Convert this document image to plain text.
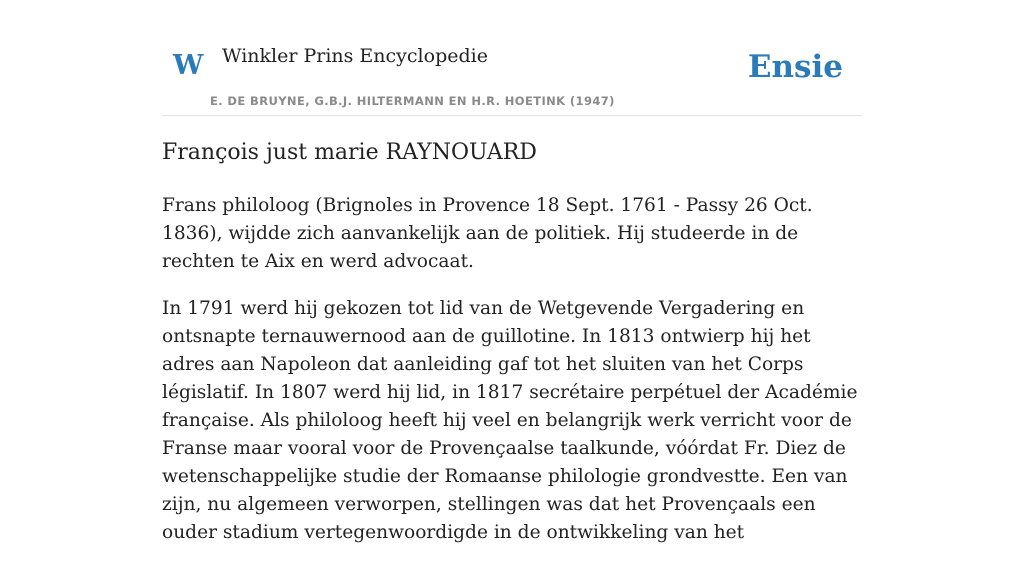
W Winkler Prins Encyclopedie
E. DE BRUYNE, G.B.J. HILTERMANN EN H.R. HOETINK (1947)
Ensie
François just marie RAYNOUARD

Frans philoloog (Brignoles in Provence 18 Sept. 1761 - Passy 26 Oct. 1836), wijdde zich aanvankelijk aan de politiek. Hij studeerde in de rechten te Aix en werd advocaat.

In 1791 werd hij gekozen tot lid van de Wetgevende Vergadering en ontsnapte ternauwernood aan de guillotine. In 1813 ontwierp hij het adres aan Napoleon dat aanleiding gaf tot het sluiten van het Corps législatif. In 1807 werd hij lid, in 1817 secrétaire perpétuel der Académie française. Als philoloog heeft hij veel en belangrijk werk verricht voor de Franse maar vooral voor de Provençaalse taalkunde, vóórdat Fr. Diez de wetenschappelijke studie der Romaanse philologie grondvestte. Een van zijn, nu algemeen verworpen, stellingen was dat het Provençaals een ouder stadium vertegenwoordigde in de ontwikkeling van het
